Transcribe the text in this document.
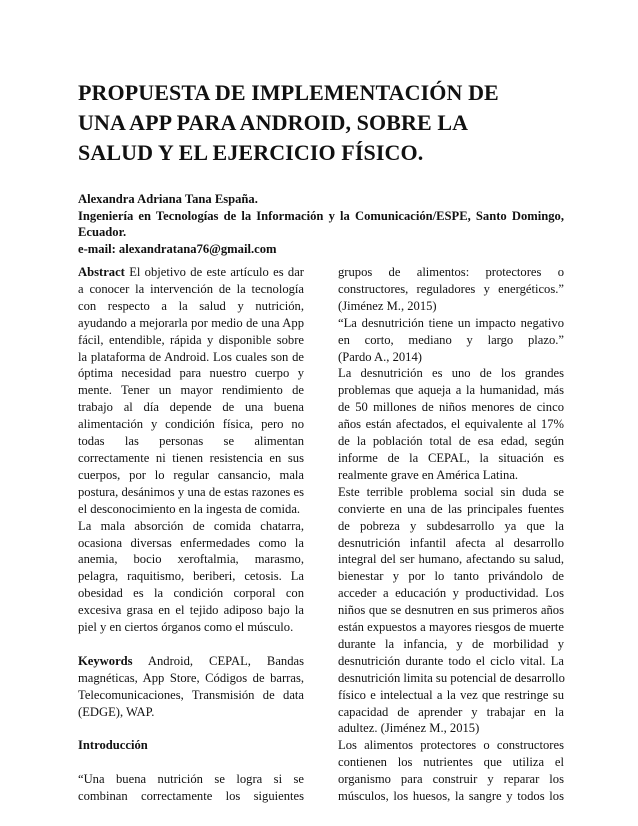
PROPUESTA DE IMPLEMENTACIÓN DE
UNA APP PARA ANDROID, SOBRE LA
SALUD Y EL EJERCICIO FÍSICO.
Alexandra Adriana Tana España.
Ingeniería en Tecnologías de la Información y la Comunicación/ESPE, Santo Domingo,
Ecuador.
e-mail: alexandratana76@gmail.com
Abstract El objetivo de este artículo es dar
a conocer la intervención de la tecnología
con respecto a la salud y nutrición,
ayudando a mejorarla por medio de una App
fácil, entendible, rápida y disponible sobre
la plataforma de Android. Los cuales son de
óptima necesidad para nuestro cuerpo y
mente. Tener un mayor rendimiento de
trabajo al día depende de una buena
alimentación y condición física, pero no
todas las personas se alimentan
correctamente ni tienen resistencia en sus
cuerpos, por lo regular cansancio, mala
postura, desánimos y una de estas razones es
el desconocimiento en la ingesta de comida.
La mala absorción de comida chatarra,
ocasiona diversas enfermedades como la
anemia, bocio xeroftalmia, marasmo,
pelagra, raquitismo, beriberi, cetosis. La
obesidad es la condición corporal con
excesiva grasa en el tejido adiposo bajo la
piel y en ciertos órganos como el músculo.
Keywords Android, CEPAL, Bandas
magnéticas, App Store, Códigos de barras,
Telecomunicaciones, Transmisión de data
(EDGE), WAP.
Introducción
“Una buena nutrición se logra si se
combinan correctamente los siguientes
grupos de alimentos: protectores o
constructores, reguladores y energéticos.”
(Jiménez M., 2015)
“La desnutrición tiene un impacto negativo
en corto, mediano y largo plazo.”
(Pardo A., 2014)
La desnutrición es uno de los grandes
problemas que aqueja a la humanidad, más
de 50 millones de niños menores de cinco
años están afectados, el equivalente al 17%
de la población total de esa edad, según
informe de la CEPAL, la situación es
realmente grave en América Latina.
Este terrible problema social sin duda se
convierte en una de las principales fuentes
de pobreza y subdesarrollo ya que la
desnutrición infantil afecta al desarrollo
integral del ser humano, afectando su salud,
bienestar y por lo tanto privándolo de
acceder a educación y productividad. Los
niños que se desnutren en sus primeros años
están expuestos a mayores riesgos de muerte
durante la infancia, y de morbilidad y
desnutrición durante todo el ciclo vital. La
desnutrición limita su potencial de desarrollo
físico e intelectual a la vez que restringe su
capacidad de aprender y trabajar en la
adultez. (Jiménez M., 2015)
Los alimentos protectores o constructores
contienen los nutrientes que utiliza el
organismo para construir y reparar los
músculos, los huesos, la sangre y todos los
